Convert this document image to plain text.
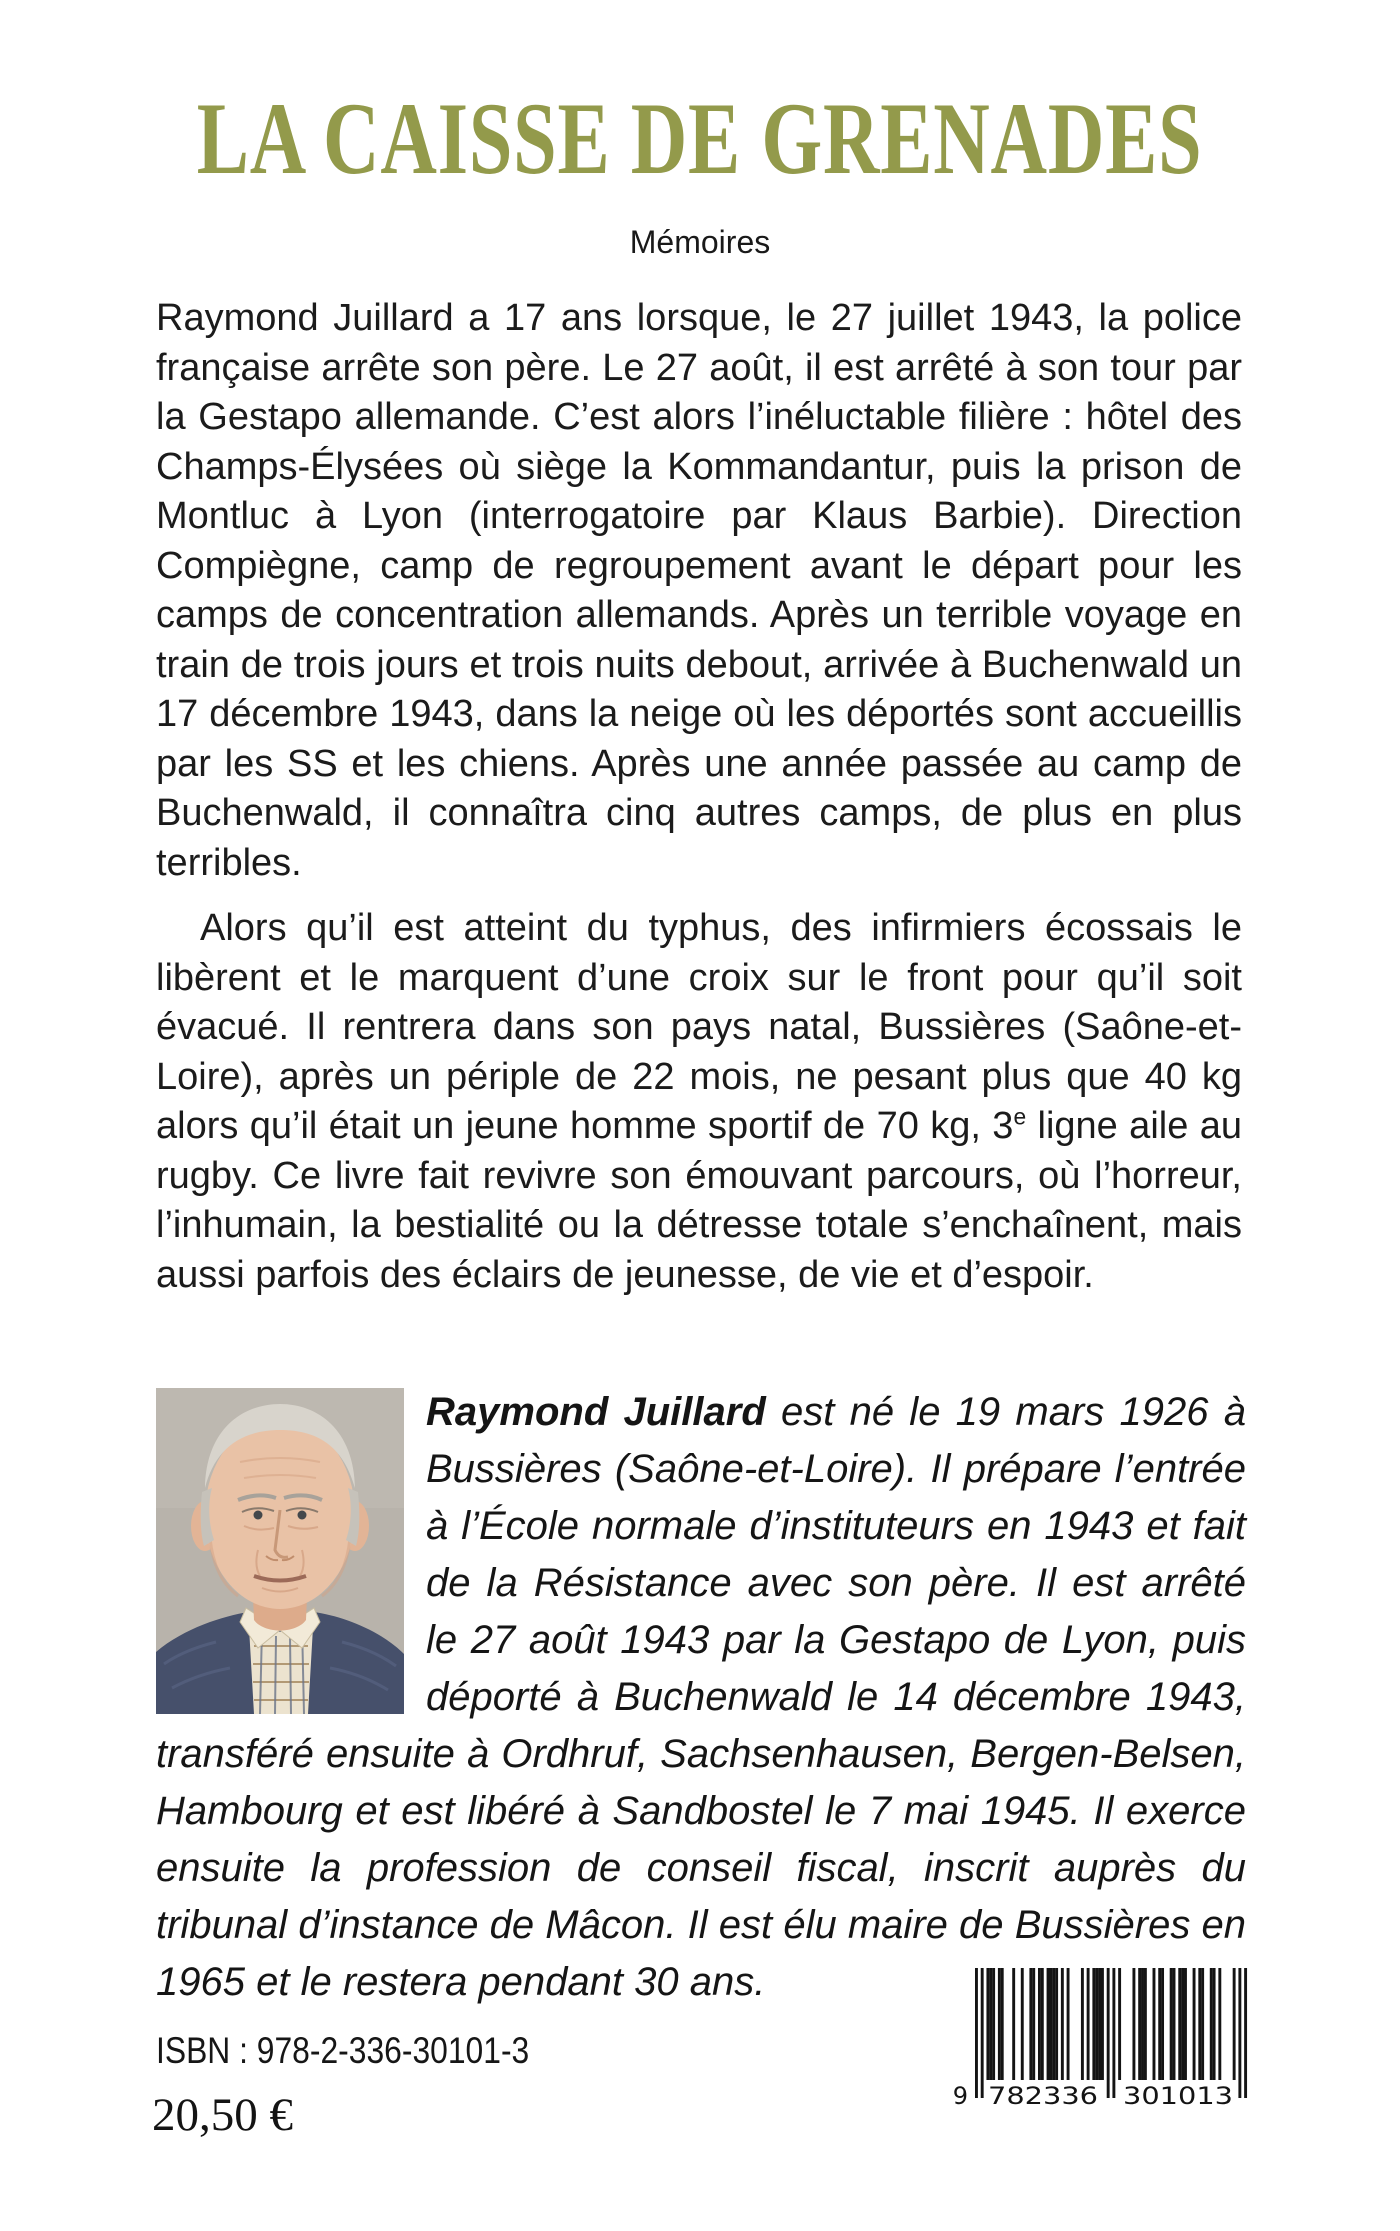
LA CAISSE DE GRENADES
Mémoires

Raymond Juillard a 17 ans lorsque, le 27 juillet 1943, la police française arrête son père. Le 27 août, il est arrêté à son tour par la Gestapo allemande. C’est alors l’inéluctable filière : hôtel des Champs-Élysées où siège la Kommandantur, puis la prison de Montluc à Lyon (interrogatoire par Klaus Barbie). Direction Compiègne, camp de regroupement avant le départ pour les camps de concentration allemands. Après un terrible voyage en train de trois jours et trois nuits debout, arrivée à Buchenwald un 17 décembre 1943, dans la neige où les déportés sont accueillis par les SS et les chiens. Après une année passée au camp de Buchenwald, il connaîtra cinq autres camps, de plus en plus terribles.

Alors qu’il est atteint du typhus, des infirmiers écossais le libèrent et le marquent d’une croix sur le front pour qu’il soit évacué. Il rentrera dans son pays natal, Bussières (Saône-et-Loire), après un périple de 22 mois, ne pesant plus que 40 kg alors qu’il était un jeune homme sportif de 70 kg, 3e ligne aile au rugby. Ce livre fait revivre son émouvant parcours, où l’horreur, l’inhumain, la bestialité ou la détresse totale s’enchaînent, mais aussi parfois des éclairs de jeunesse, de vie et d’espoir.

Raymond Juillard est né le 19 mars 1926 à Bussières (Saône-et-Loire). Il prépare l’entrée à l’École normale d’instituteurs en 1943 et fait de la Résistance avec son père. Il est arrêté le 27 août 1943 par la Gestapo de Lyon, puis déporté à Buchenwald le 14 décembre 1943, transféré ensuite à Ordhruf, Sachsenhausen, Bergen-Belsen, Hambourg et est libéré à Sandbostel le 7 mai 1945. Il exerce ensuite la profession de conseil fiscal, inscrit auprès du tribunal d’instance de Mâcon. Il est élu maire de Bussières en 1965 et le restera pendant 30 ans.

ISBN : 978-2-336-30101-3
20,50 €	9 782336 301013
